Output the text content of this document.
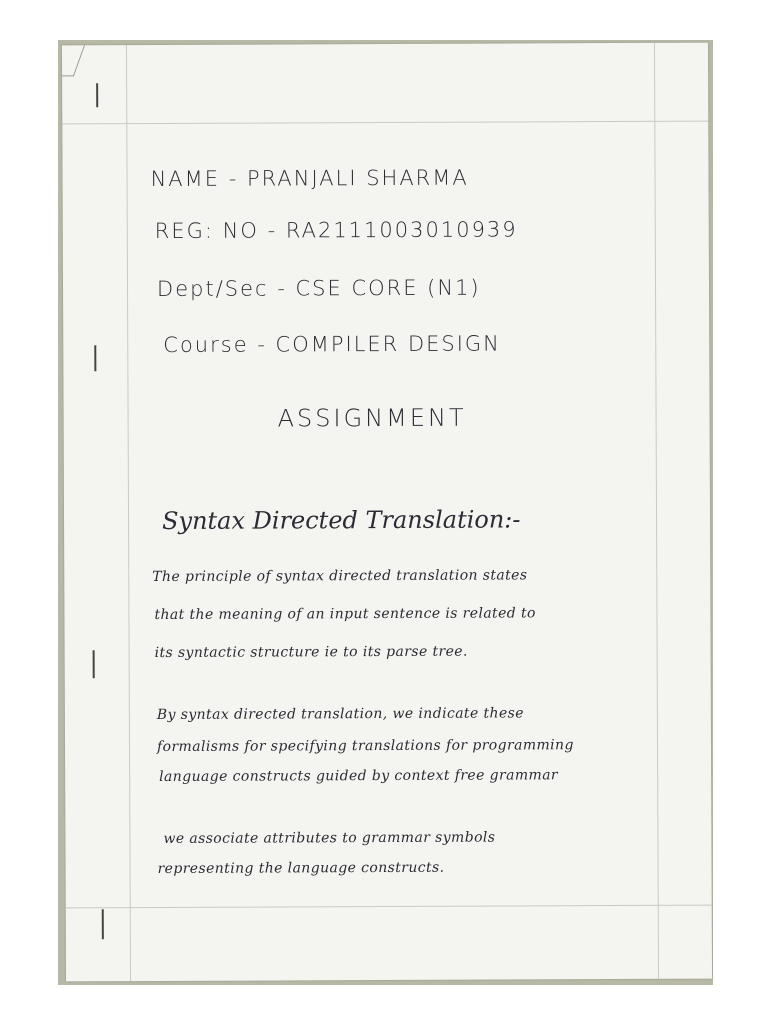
NAME - PRANJALI SHARMA
REG: NO - RA2111003010939
Dept/Sec - CSE CORE (N1)
Course - COMPILER DESIGN
ASSIGNMENT
Syntax Directed Translation:-
The principle of syntax directed translation states
that the meaning of an input sentence is related to
its syntactic structure ie to its parse tree.
By syntax directed translation, we indicate these
formalisms for specifying translations for programming
language constructs guided by context free grammar
we associate attributes to grammar symbols
representing the language constructs.
